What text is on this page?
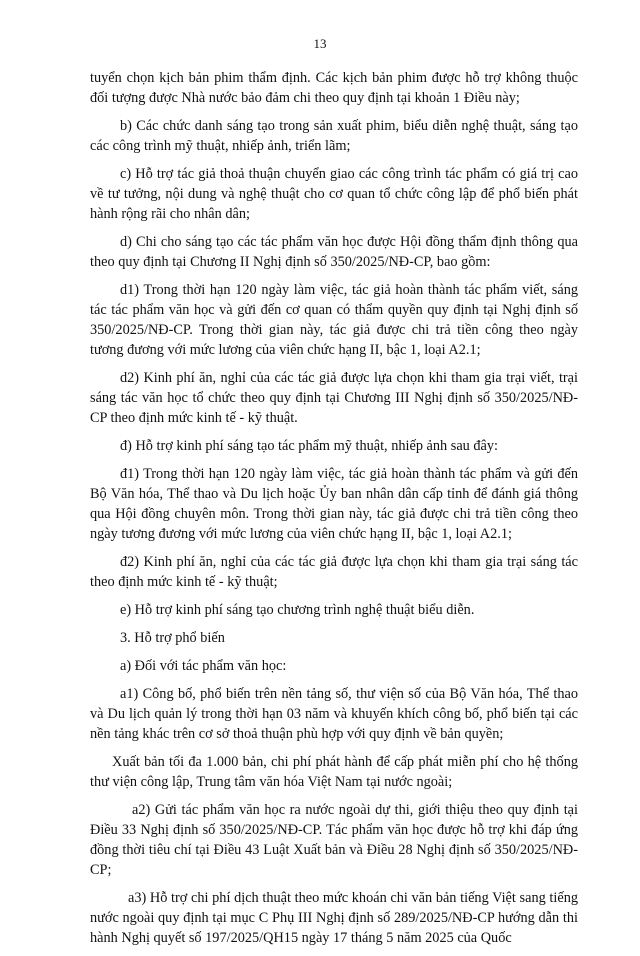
13

tuyển chọn kịch bản phim thẩm định. Các kịch bản phim được hỗ trợ không thuộc đối tượng được Nhà nước bảo đảm chi theo quy định tại khoản 1 Điều này;

b) Các chức danh sáng tạo trong sản xuất phim, biểu diễn nghệ thuật, sáng tạo các công trình mỹ thuật, nhiếp ảnh, triển lãm;

c) Hỗ trợ tác giả thoả thuận chuyển giao các công trình tác phẩm có giá trị cao về tư tưởng, nội dung và nghệ thuật cho cơ quan tổ chức công lập để phổ biến phát hành rộng rãi cho nhân dân;

d) Chi cho sáng tạo các tác phẩm văn học được Hội đồng thẩm định thông qua theo quy định tại Chương II Nghị định số 350/2025/NĐ-CP, bao gồm:

d1) Trong thời hạn 120 ngày làm việc, tác giả hoàn thành tác phẩm viết, sáng tác tác phẩm văn học và gửi đến cơ quan có thẩm quyền quy định tại Nghị định số 350/2025/NĐ-CP. Trong thời gian này, tác giả được chi trả tiền công theo ngày tương đương với mức lương của viên chức hạng II, bậc 1, loại A2.1;

d2) Kinh phí ăn, nghỉ của các tác giả được lựa chọn khi tham gia trại viết, trại sáng tác văn học tổ chức theo quy định tại Chương III Nghị định số 350/2025/NĐ-CP theo định mức kinh tế - kỹ thuật.

đ) Hỗ trợ kinh phí sáng tạo tác phẩm mỹ thuật, nhiếp ảnh sau đây:

đ1) Trong thời hạn 120 ngày làm việc, tác giả hoàn thành tác phẩm và gửi đến Bộ Văn hóa, Thể thao và Du lịch hoặc Ủy ban nhân dân cấp tỉnh để đánh giá thông qua Hội đồng chuyên môn. Trong thời gian này, tác giả được chi trả tiền công theo ngày tương đương với mức lương của viên chức hạng II, bậc 1, loại A2.1;

đ2) Kinh phí ăn, nghỉ của các tác giả được lựa chọn khi tham gia trại sáng tác theo định mức kinh tế - kỹ thuật;

e) Hỗ trợ kinh phí sáng tạo chương trình nghệ thuật biểu diễn.

3. Hỗ trợ phổ biến

a) Đối với tác phẩm văn học:

a1) Công bố, phổ biến trên nền tảng số, thư viện số của Bộ Văn hóa, Thể thao và Du lịch quản lý trong thời hạn 03 năm và khuyến khích công bố, phổ biến tại các nền tảng khác trên cơ sở thoả thuận phù hợp với quy định về bản quyền;

Xuất bản tối đa 1.000 bản, chi phí phát hành để cấp phát miễn phí cho hệ thống thư viện công lập, Trung tâm văn hóa Việt Nam tại nước ngoài;

a2) Gửi tác phẩm văn học ra nước ngoài dự thi, giới thiệu theo quy định tại Điều 33 Nghị định số 350/2025/NĐ-CP. Tác phẩm văn học được hỗ trợ khi đáp ứng đồng thời tiêu chí tại Điều 43 Luật Xuất bản và Điều 28 Nghị định số 350/2025/NĐ-CP;

a3) Hỗ trợ chi phí dịch thuật theo mức khoán chi văn bản tiếng Việt sang tiếng nước ngoài quy định tại mục C Phụ III Nghị định số 289/2025/NĐ-CP hướng dẫn thi hành Nghị quyết số 197/2025/QH15 ngày 17 tháng 5 năm 2025 của Quốc
